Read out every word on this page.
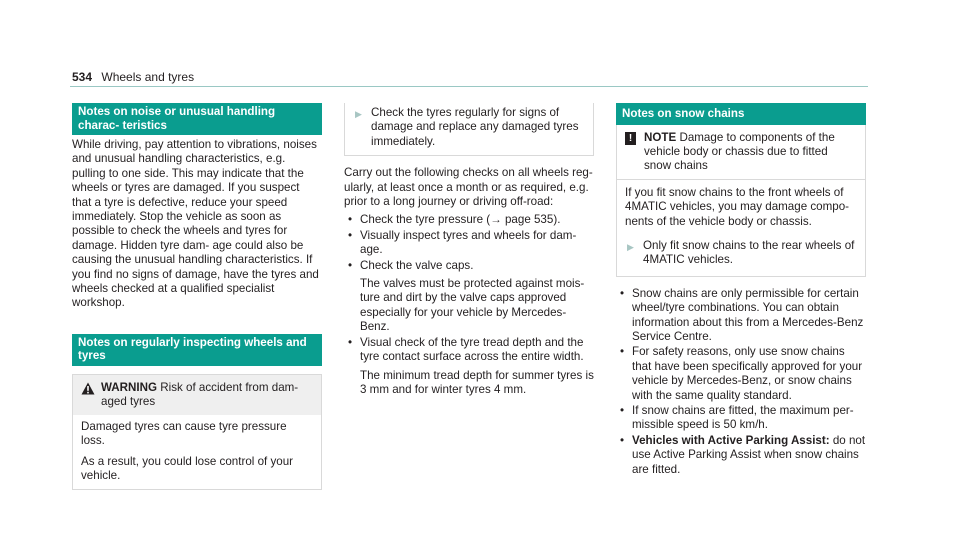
534 Wheels and tyres
Notes on noise or unusual handling charac- teristics

While driving, pay attention to vibrations, noises and unusual handling characteristics, e.g. pulling to one side. This may indicate that the wheels or tyres are damaged. If you suspect that a tyre is defective, reduce your speed immediately. Stop the vehicle as soon as possible to check the wheels and tyres for damage. Hidden tyre dam- age could also be causing the unusual handling characteristics. If you find no signs of damage, have the tyres and wheels checked at a qualified specialist workshop.

Notes on regularly inspecting wheels and tyres
WARNING Risk of accident from dam- aged tyres

Damaged tyres can cause tyre pressure loss.

As a result, you could lose control of your vehicle.

▶ Check the tyres regularly for signs of damage and replace any damaged tyres immediately.

Carry out the following checks on all wheels reg- ularly, at least once a month or as required, e.g. prior to a long journey or driving off-road:

• Check the tyre pressure (→ page 535).
• Visually inspect tyres and wheels for dam- age.
• Check the valve caps.
The valves must be protected against mois- ture and dirt by the valve caps approved especially for your vehicle by Mercedes-Benz.
• Visual check of the tyre tread depth and the tyre contact surface across the entire width.
The minimum tread depth for summer tyres is 3 mm and for winter tyres 4 mm.
Notes on snow chains
!	NOTE Damage to components of the vehicle body or chassis due to fitted snow chains

If you fit snow chains to the front wheels of 4MATIC vehicles, you may damage compo- nents of the vehicle body or chassis.

▶ Only fit snow chains to the rear wheels of 4MATIC vehicles.
• Snow chains are only permissible for certain wheel/tyre combinations. You can obtain information about this from a Mercedes-Benz Service Centre.
• For safety reasons, only use snow chains that have been specifically approved for your vehicle by Mercedes-Benz, or snow chains with the same quality standard.
• If snow chains are fitted, the maximum per- missible speed is 50 km/h.
• Vehicles with Active Parking Assist: do not use Active Parking Assist when snow chains are fitted.
